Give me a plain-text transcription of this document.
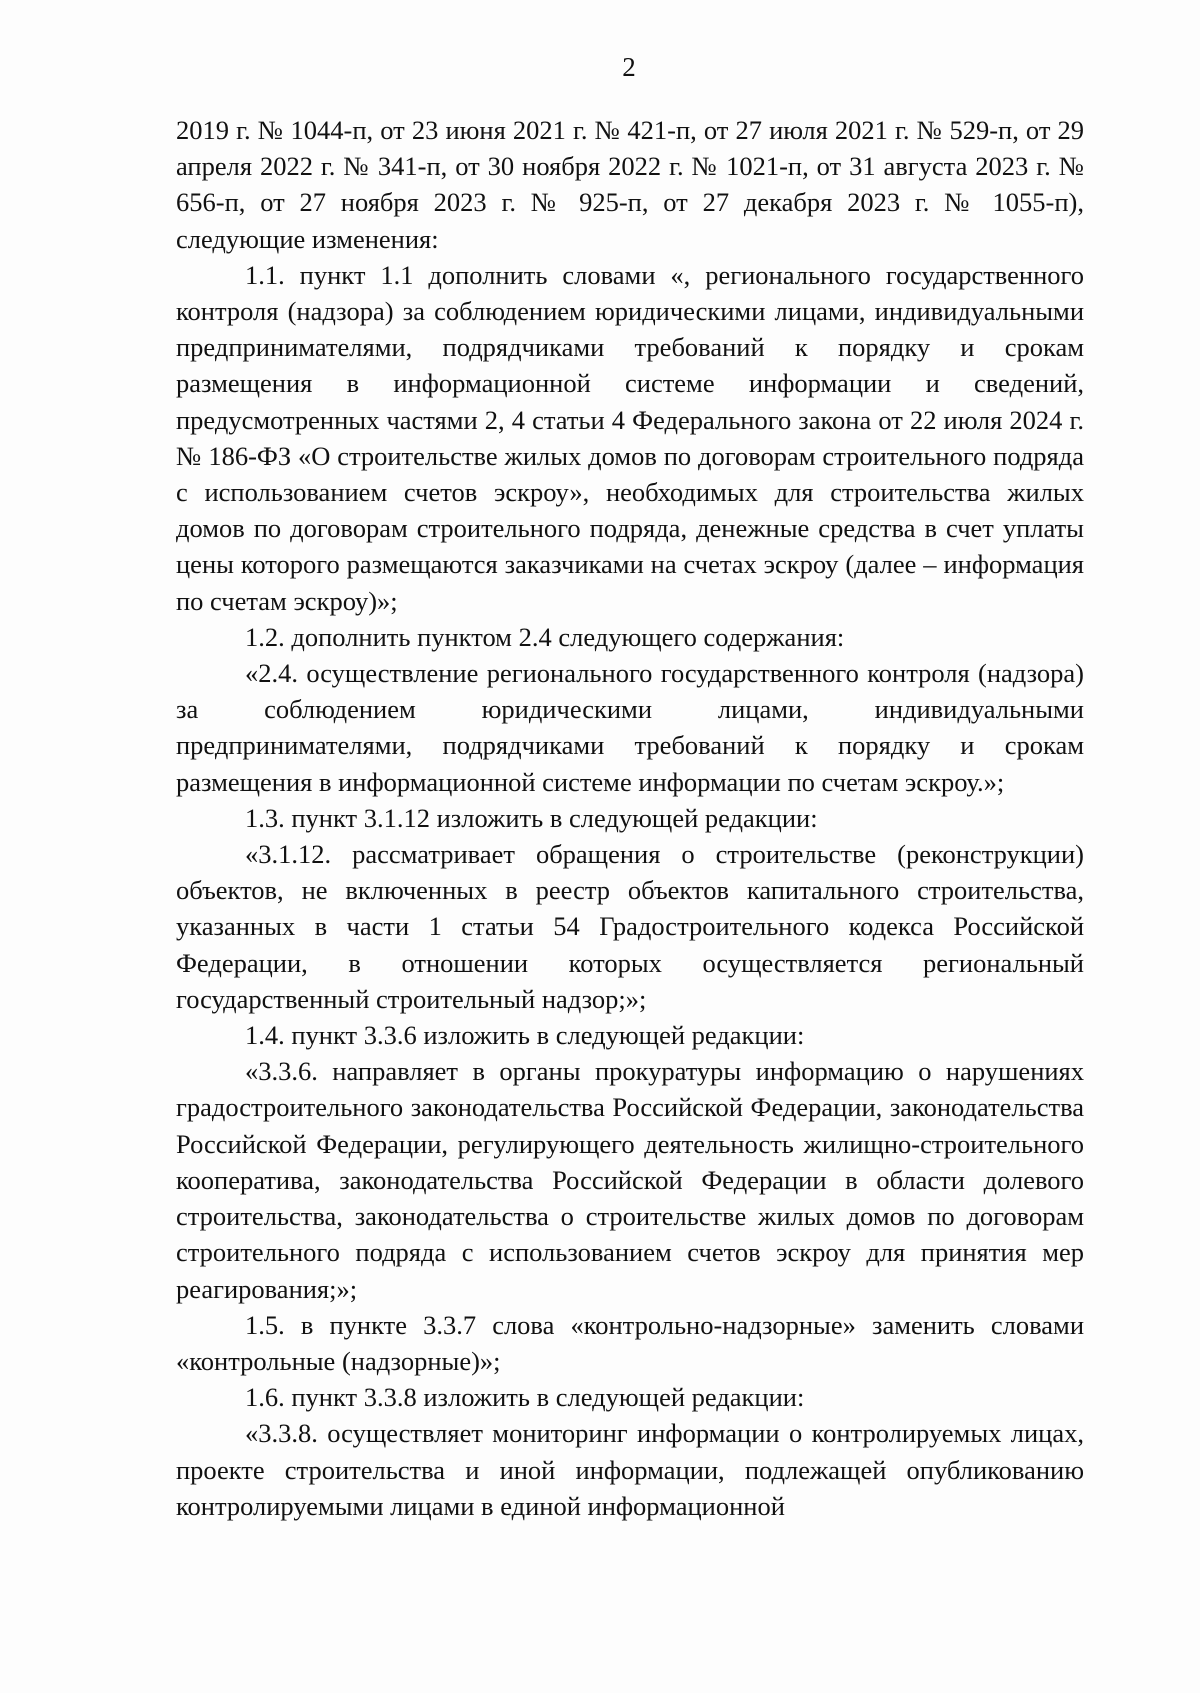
2

2019 г. № 1044-п, от 23 июня 2021 г. № 421-п, от 27 июля 2021 г. № 529-п, от 29 апреля 2022 г. № 341-п, от 30 ноября 2022 г. № 1021-п, от 31 августа 2023 г. № 656-п, от 27 ноября 2023 г. № 925-п, от 27 декабря 2023 г. № 1055-п), следующие изменения:

1.1. пункт 1.1 дополнить словами «, регионального государственного контроля (надзора) за соблюдением юридическими лицами, индивидуальными предпринимателями, подрядчиками требований к порядку и срокам размещения в информационной системе информации и сведений, предусмотренных частями 2, 4 статьи 4 Федерального закона от 22 июля 2024 г. № 186-ФЗ «О строительстве жилых домов по договорам строительного подряда с использованием счетов эскроу», необходимых для строительства жилых домов по договорам строительного подряда, денежные средства в счет уплаты цены которого размещаются заказчиками на счетах эскроу (далее – информация по счетам эскроу)»;

1.2. дополнить пунктом 2.4 следующего содержания:

«2.4. осуществление регионального государственного контроля (надзора) за соблюдением юридическими лицами, индивидуальными предпринимателями, подрядчиками требований к порядку и срокам размещения в информационной системе информации по счетам эскроу.»;

1.3. пункт 3.1.12 изложить в следующей редакции:

«3.1.12. рассматривает обращения о строительстве (реконструкции) объектов, не включенных в реестр объектов капитального строительства, указанных в части 1 статьи 54 Градостроительного кодекса Российской Федерации, в отношении которых осуществляется региональный государственный строительный надзор;»;

1.4. пункт 3.3.6 изложить в следующей редакции:

«3.3.6. направляет в органы прокуратуры информацию о нарушениях градостроительного законодательства Российской Федерации, законодательства Российской Федерации, регулирующего деятельность жилищно-строительного кооператива, законодательства Российской Федерации в области долевого строительства, законодательства о строительстве жилых домов по договорам строительного подряда с использованием счетов эскроу для принятия мер реагирования;»;

1.5. в пункте 3.3.7 слова «контрольно-надзорные» заменить словами «контрольные (надзорные)»;

1.6. пункт 3.3.8 изложить в следующей редакции:

«3.3.8. осуществляет мониторинг информации о контролируемых лицах, проекте строительства и иной информации, подлежащей опубликованию контролируемыми лицами в единой информационной
